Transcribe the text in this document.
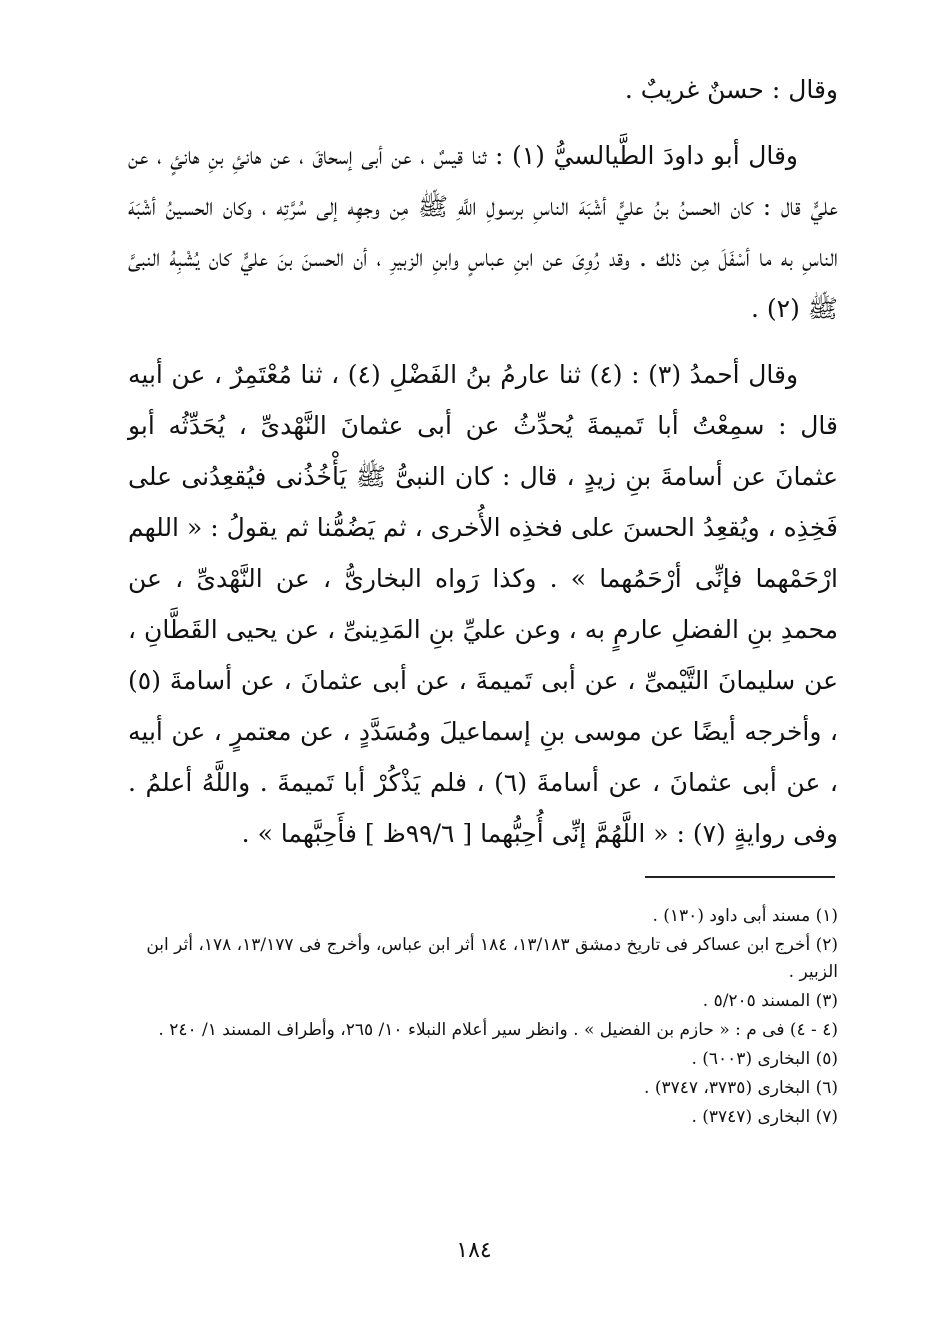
وقال : حسنٌ غريبٌ .

وقال أبو داودَ الطَّيالسيُّ (١) : ثنا قيسٌ ، عن أبى إسحاقَ ، عن هانئِ بنِ هانئٍ ، عن عليٍّ قال : كان الحسنُ بنُ عليٍّ أشْبَهَ الناسِ برسولِ اللَّهِ ﷺ مِن وجهِه إلى سُرَّتِه ، وكان الحسينُ أشْبَهَ الناسِ به ما أسْفَلَ مِن ذلك . وقد رُوِىَ عن ابنِ عباسٍ وابنِ الزبيرِ ، أن الحسنَ بنَ عليٍّ كان يُشْبِهُ النبىَّ ﷺ (٢) .

وقال أحمدُ (٣) : (٤) ثنا عارمُ بنُ الفَضْلِ (٤) ، ثنا مُعْتَمِرٌ ، عن أبيه قال : سمِعْتُ أبا تَميمةَ يُحدِّثُ عن أبى عثمانَ النَّهْدىِّ ، يُحَدِّثُه أبو عثمانَ عن أسامةَ بنِ زيدٍ ، قال : كان النبىُّ ﷺ يَأْخُذُنى فيُقعِدُنى على فَخِذِه ، ويُقعِدُ الحسنَ على فخذِه الأُخرى ، ثم يَضُمُّنا ثم يقولُ : « اللهم ارْحَمْهما فإنِّى أرْحَمُهما » . وكذا رَواه البخارىُّ ، عن النَّهْدىِّ ، عن محمدِ بنِ الفضلِ عارمٍ به ، وعن عليِّ بنِ المَدِينىِّ ، عن يحيى القَطَّانِ ، عن سليمانَ التَّيْمىِّ ، عن أبى تَميمةَ ، عن أبى عثمانَ ، عن أسامةَ (٥) ، وأخرجه أيضًا عن موسى بنِ إسماعيلَ ومُسَدَّدٍ ، عن معتمرٍ ، عن أبيه ، عن أبى عثمانَ ، عن أسامةَ (٦) ، فلم يَذْكُرْ أبا تَميمةَ . واللَّهُ أعلمُ . وفى روايةٍ (٧) : « اللَّهُمَّ إنِّى أُحِبُّهما [ ٩٩/٦ظ ] فأَحِبَّهما » .

(١) مسند أبى داود (١٣٠) .
(٢) أخرج ابن عساكر فى تاريخ دمشق ١٣/١٨٣، ١٨٤ أثر ابن عباس، وأخرج فى ١٣/١٧٧، ١٧٨، أثر ابن الزبير .
(٣) المسند ٥/٢٠٥ .
(٤ - ٤) فى م : « حازم بن الفضيل » . وانظر سير أعلام النبلاء ١٠/ ٢٦٥، وأطراف المسند ١/ ٢٤٠ .
(٥) البخارى (٦٠٠٣) .
(٦) البخارى (٣٧٣٥، ٣٧٤٧) .
(٧) البخارى (٣٧٤٧) .
١٨٤
